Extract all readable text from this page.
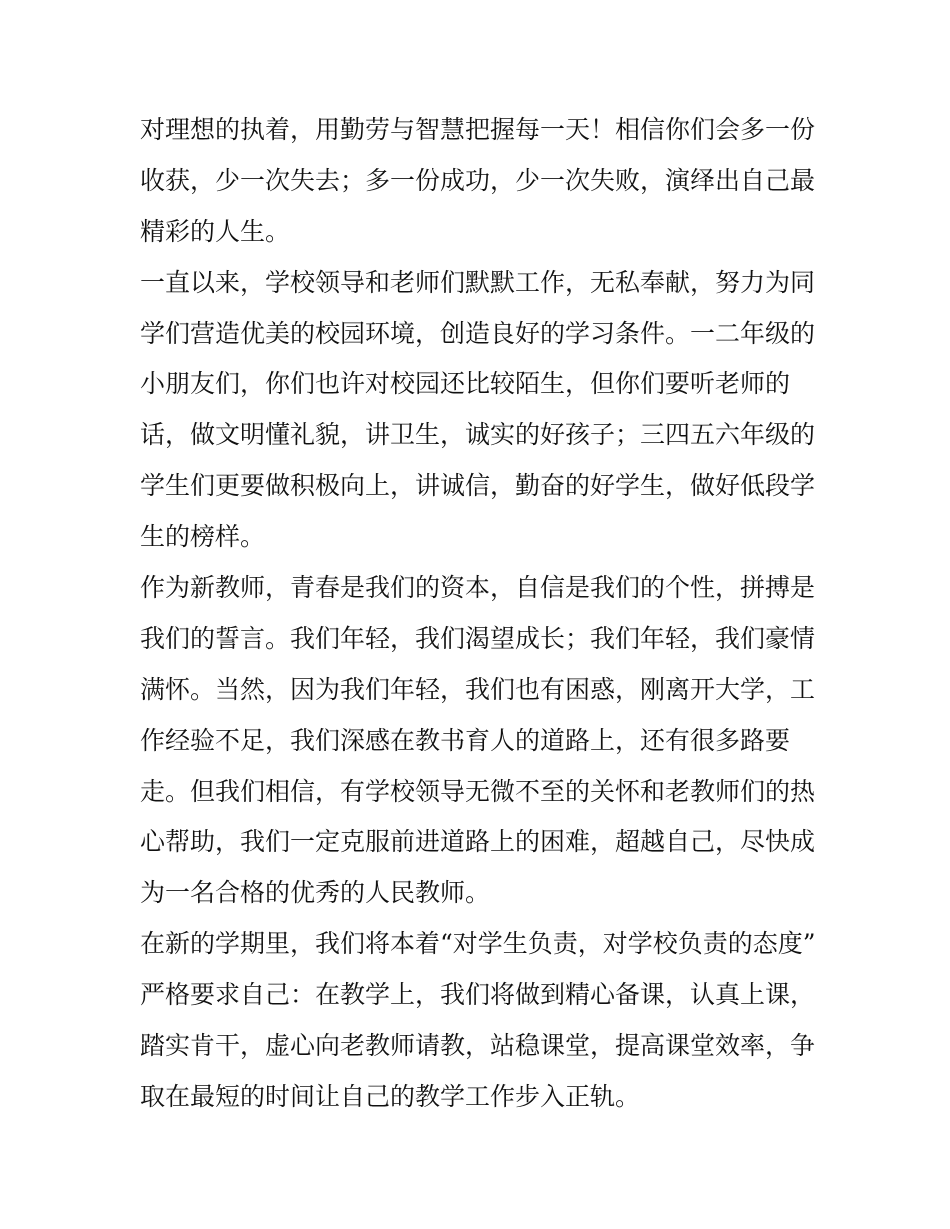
对理想的执着，用勤劳与智慧把握每一天！相信你们会多一份
收获，少一次失去；多一份成功，少一次失败，演绎出自己最
精彩的人生。
一直以来，学校领导和老师们默默工作，无私奉献，努力为同
学们营造优美的校园环境，创造良好的学习条件。一二年级的
小朋友们，你们也许对校园还比较陌生，但你们要听老师的
话，做文明懂礼貌，讲卫生，诚实的好孩子；三四五六年级的
学生们更要做积极向上，讲诚信，勤奋的好学生，做好低段学
生的榜样。
作为新教师，青春是我们的资本，自信是我们的个性，拼搏是
我们的誓言。我们年轻，我们渴望成长；我们年轻，我们豪情
满怀。当然，因为我们年轻，我们也有困惑，刚离开大学，工
作经验不足，我们深感在教书育人的道路上，还有很多路要
走。但我们相信，有学校领导无微不至的关怀和老教师们的热
心帮助，我们一定克服前进道路上的困难，超越自己，尽快成
为一名合格的优秀的人民教师。
在新的学期里，我们将本着“对学生负责，对学校负责的态度”
严格要求自己：在教学上，我们将做到精心备课，认真上课，
踏实肯干，虚心向老教师请教，站稳课堂，提高课堂效率，争
取在最短的时间让自己的教学工作步入正轨。
